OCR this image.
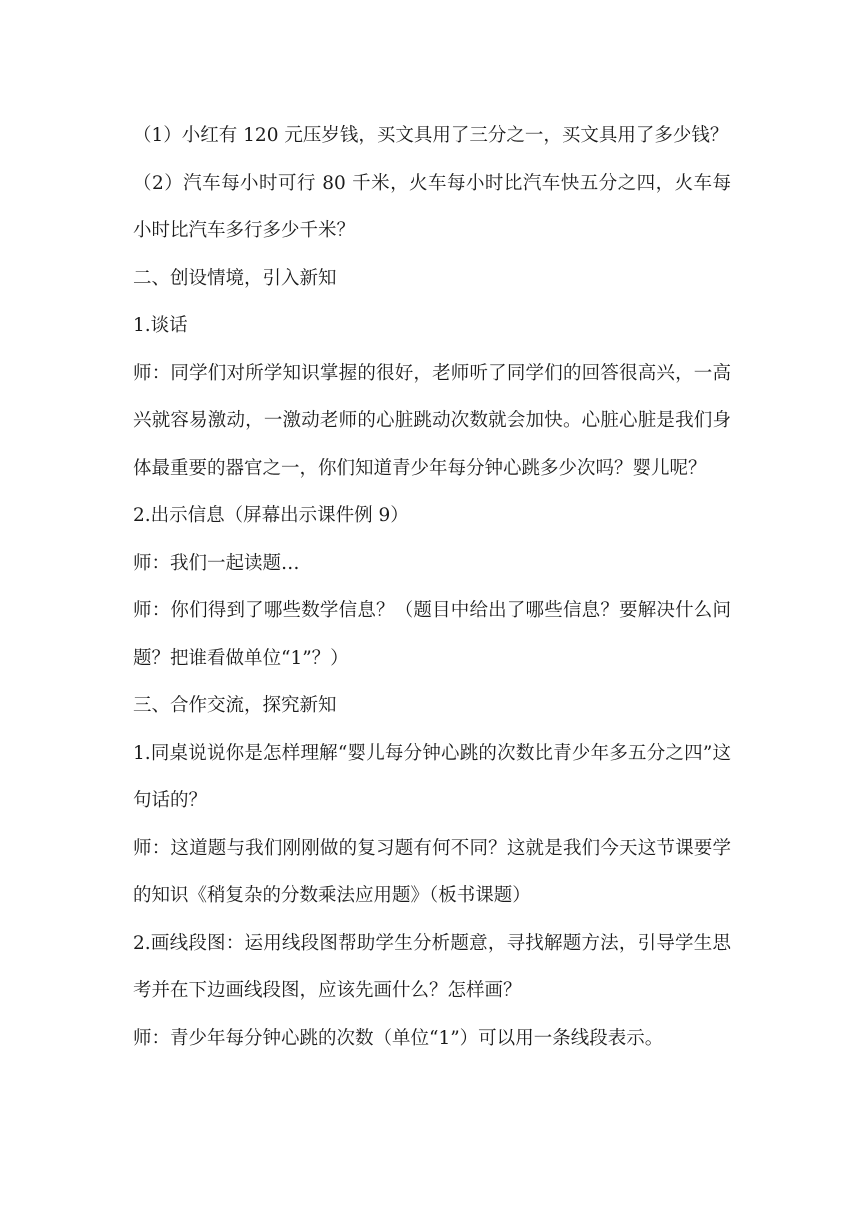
（1）小红有 120 元压岁钱，买文具用了三分之一，买文具用了多少钱？

（2）汽车每小时可行 80 千米，火车每小时比汽车快五分之四，火车每小时比汽车多行多少千米？

二、创设情境，引入新知

1.谈话

师：同学们对所学知识掌握的很好，老师听了同学们的回答很高兴，一高兴就容易激动，一激动老师的心脏跳动次数就会加快。心脏心脏是我们身体最重要的器官之一，你们知道青少年每分钟心跳多少次吗？婴儿呢？

2.出示信息（屏幕出示课件例 9）

师：我们一起读题…

师：你们得到了哪些数学信息？（题目中给出了哪些信息？要解决什么问题？把谁看做单位“1”？）

三、合作交流，探究新知

1.同桌说说你是怎样理解“婴儿每分钟心跳的次数比青少年多五分之四”这句话的？

师：这道题与我们刚刚做的复习题有何不同？这就是我们今天这节课要学的知识《稍复杂的分数乘法应用题》（板书课题）

2.画线段图：运用线段图帮助学生分析题意，寻找解题方法，引导学生思考并在下边画线段图，应该先画什么？怎样画？

师：青少年每分钟心跳的次数（单位“1”）可以用一条线段表示。
